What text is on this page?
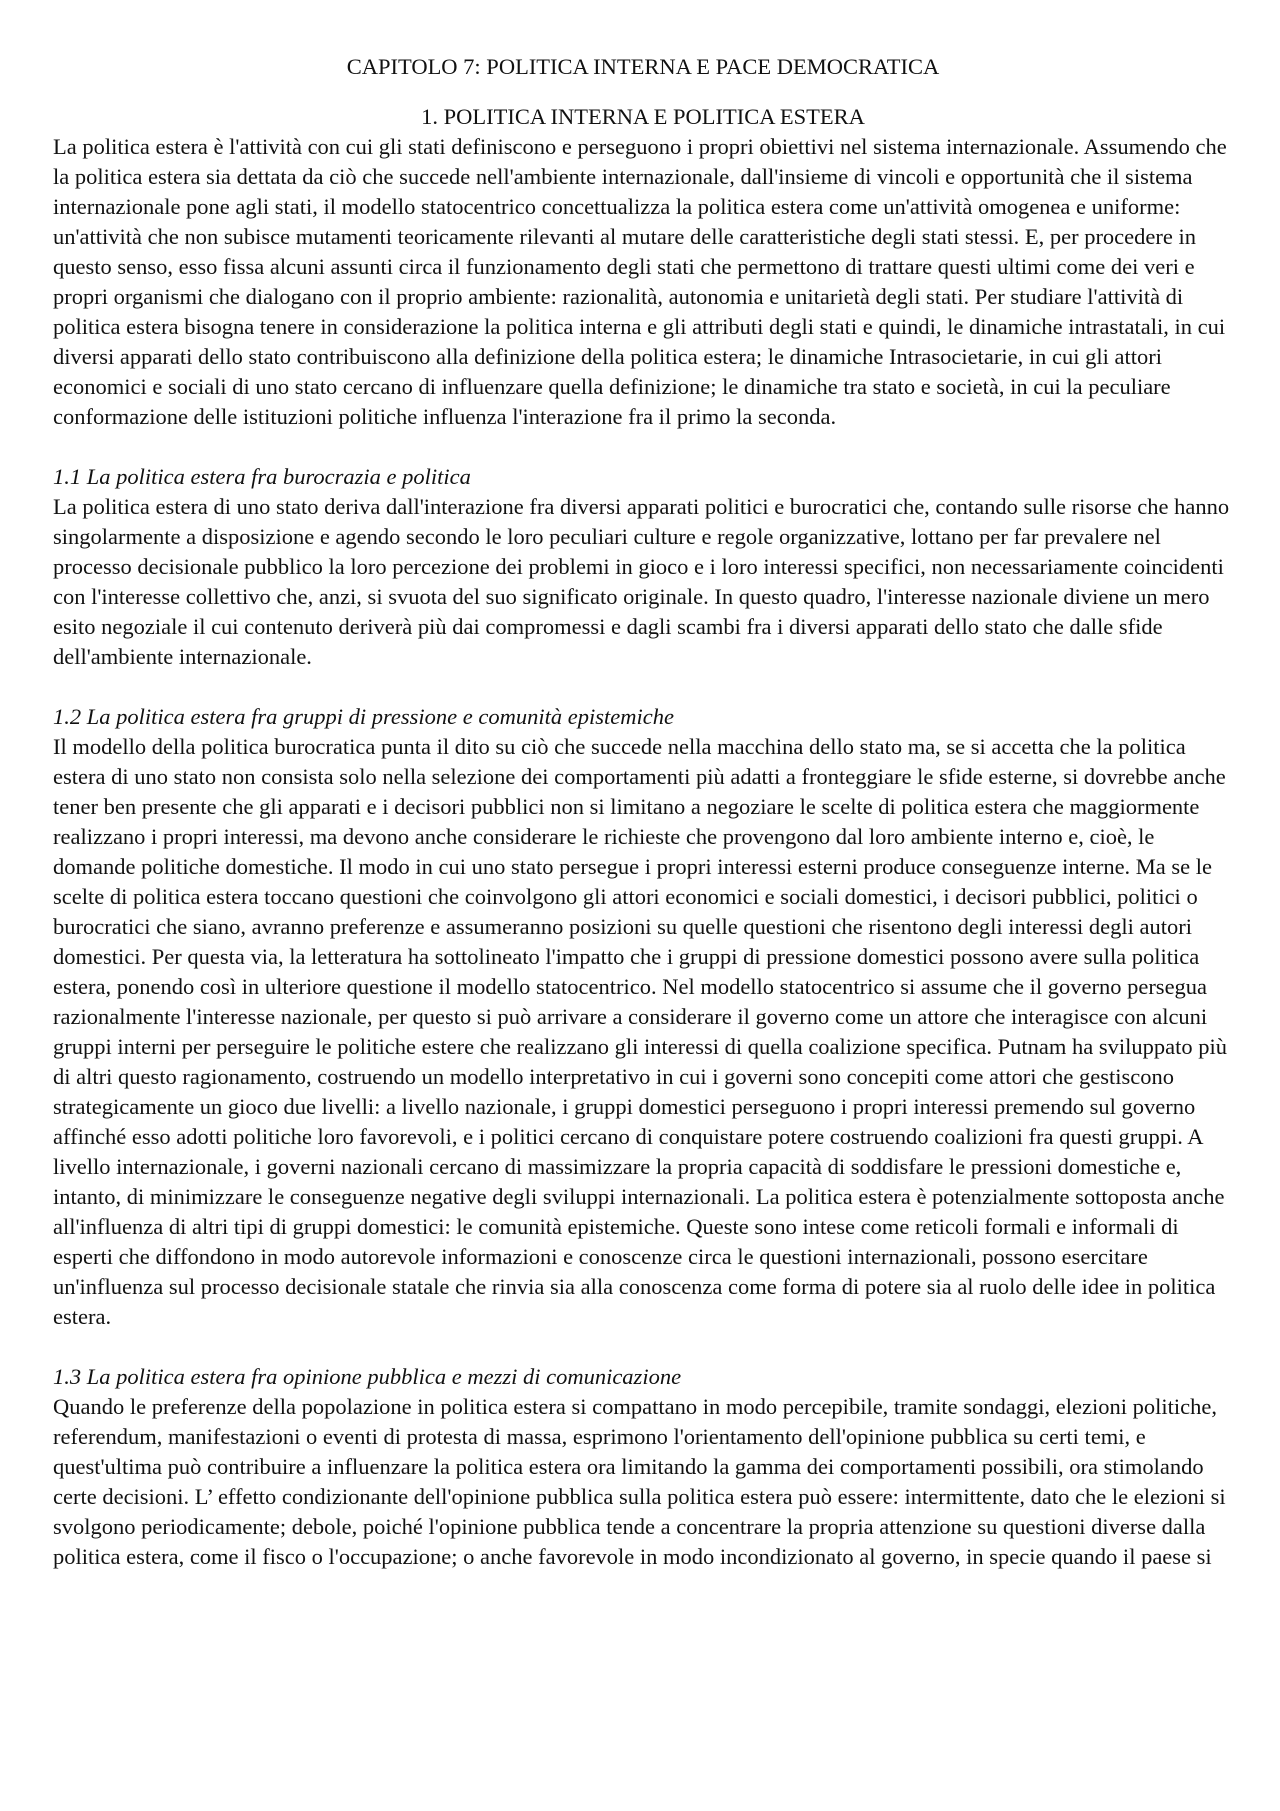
CAPITOLO 7: POLITICA INTERNA E PACE DEMOCRATICA

1. POLITICA INTERNA E POLITICA ESTERA

La politica estera è l'attività con cui gli stati definiscono e perseguono i propri obiettivi nel sistema internazionale. Assumendo che la politica estera sia dettata da ciò che succede nell'ambiente internazionale, dall'insieme di vincoli e opportunità che il sistema internazionale pone agli stati, il modello statocentrico concettualizza la politica estera come un'attività omogenea e uniforme: un'attività che non subisce mutamenti teoricamente rilevanti al mutare delle caratteristiche degli stati stessi. E, per procedere in questo senso, esso fissa alcuni assunti circa il funzionamento degli stati che permettono di trattare questi ultimi come dei veri e propri organismi che dialogano con il proprio ambiente: razionalità, autonomia e unitarietà degli stati. Per studiare l'attività di politica estera bisogna tenere in considerazione la politica interna e gli attributi degli stati e quindi, le dinamiche intrastatali, in cui diversi apparati dello stato contribuiscono alla definizione della politica estera; le dinamiche Intrasocietarie, in cui gli attori economici e sociali di uno stato cercano di influenzare quella definizione; le dinamiche tra stato e società, in cui la peculiare conformazione delle istituzioni politiche influenza l'interazione fra il primo la seconda.

1.1 La politica estera fra burocrazia e politica

La politica estera di uno stato deriva dall'interazione fra diversi apparati politici e burocratici che, contando sulle risorse che hanno singolarmente a disposizione e agendo secondo le loro peculiari culture e regole organizzative, lottano per far prevalere nel processo decisionale pubblico la loro percezione dei problemi in gioco e i loro interessi specifici, non necessariamente coincidenti con l'interesse collettivo che, anzi, si svuota del suo significato originale. In questo quadro, l'interesse nazionale diviene un mero esito negoziale il cui contenuto deriverà più dai compromessi e dagli scambi fra i diversi apparati dello stato che dalle sfide dell'ambiente internazionale.

1.2 La politica estera fra gruppi di pressione e comunità epistemiche

Il modello della politica burocratica punta il dito su ciò che succede nella macchina dello stato ma, se si accetta che la politica estera di uno stato non consista solo nella selezione dei comportamenti più adatti a fronteggiare le sfide esterne, si dovrebbe anche tener ben presente che gli apparati e i decisori pubblici non si limitano a negoziare le scelte di politica estera che maggiormente realizzano i propri interessi, ma devono anche considerare le richieste che provengono dal loro ambiente interno e, cioè, le domande politiche domestiche. Il modo in cui uno stato persegue i propri interessi esterni produce conseguenze interne. Ma se le scelte di politica estera toccano questioni che coinvolgono gli attori economici e sociali domestici, i decisori pubblici, politici o burocratici che siano, avranno preferenze e assumeranno posizioni su quelle questioni che risentono degli interessi degli autori domestici. Per questa via, la letteratura ha sottolineato l'impatto che i gruppi di pressione domestici possono avere sulla politica estera, ponendo così in ulteriore questione il modello statocentrico. Nel modello statocentrico si assume che il governo persegua razionalmente l'interesse nazionale, per questo si può arrivare a considerare il governo come un attore che interagisce con alcuni gruppi interni per perseguire le politiche estere che realizzano gli interessi di quella coalizione specifica. Putnam ha sviluppato più di altri questo ragionamento, costruendo un modello interpretativo in cui i governi sono concepiti come attori che gestiscono strategicamente un gioco due livelli: a livello nazionale, i gruppi domestici perseguono i propri interessi premendo sul governo affinché esso adotti politiche loro favorevoli, e i politici cercano di conquistare potere costruendo coalizioni fra questi gruppi. A livello internazionale, i governi nazionali cercano di massimizzare la propria capacità di soddisfare le pressioni domestiche e, intanto, di minimizzare le conseguenze negative degli sviluppi internazionali. La politica estera è potenzialmente sottoposta anche all'influenza di altri tipi di gruppi domestici: le comunità epistemiche. Queste sono intese come reticoli formali e informali di esperti che diffondono in modo autorevole informazioni e conoscenze circa le questioni internazionali, possono esercitare un'influenza sul processo decisionale statale che rinvia sia alla conoscenza come forma di potere sia al ruolo delle idee in politica estera.

1.3 La politica estera fra opinione pubblica e mezzi di comunicazione

Quando le preferenze della popolazione in politica estera si compattano in modo percepibile, tramite sondaggi, elezioni politiche, referendum, manifestazioni o eventi di protesta di massa, esprimono l'orientamento dell'opinione pubblica su certi temi, e quest'ultima può contribuire a influenzare la politica estera ora limitando la gamma dei comportamenti possibili, ora stimolando certe decisioni. L’ effetto condizionante dell'opinione pubblica sulla politica estera può essere: intermittente, dato che le elezioni si svolgono periodicamente; debole, poiché l'opinione pubblica tende a concentrare la propria attenzione su questioni diverse dalla politica estera, come il fisco o l'occupazione; o anche favorevole in modo incondizionato al governo, in specie quando il paese si
